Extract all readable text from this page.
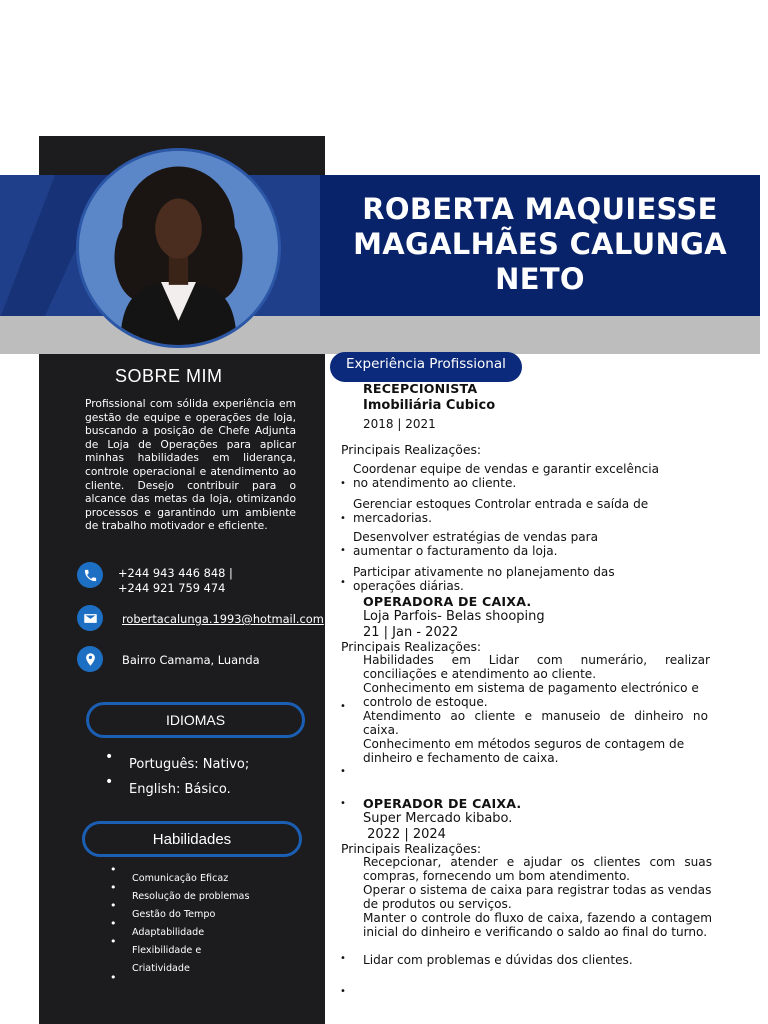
ROBERTA MAQUIESSE
MAGALHÃES CALUNGA
NETO
SOBRE MIM
Profissional com sólida experiência em gestão de equipe e operações de loja, buscando a posição de Chefe Adjunta de Loja de Operações para aplicar minhas habilidades em liderança, controle operacional e atendimento ao cliente. Desejo contribuir para o alcance das metas da loja, otimizando processos e garantindo um ambiente de trabalho motivador e eficiente.
+244 943 446 848 |
+244 921 759 474
robertacalunga.1993@hotmail.com
Bairro Camama, Luanda
IDIOMAS
• Português: Nativo;
• English: Básico.
Habilidades
•
Comunicação Eficaz
•
Resolução de problemas
•
Gestão do Tempo
•
Adaptabilidade
•
Flexibilidade e Criatividade
•
Experiência Profissional
RECEPCIONISTA
Imobiliária Cubico
2018 | 2021
Principais Realizações:
Coordenar equipe de vendas e garantir excelência no atendimento ao cliente.
•
Gerenciar estoques Controlar entrada e saída de mercadorias.
•
Desenvolver estratégias de vendas para aumentar o facturamento da loja.
•
Participar ativamente no planejamento das operações diárias.
•
OPERADORA DE CAIXA.
Loja Parfois- Belas shooping
21 | Jan - 2022
Principais Realizações:
Habilidades em Lidar com numerário, realizar conciliações e atendimento ao cliente.
Conhecimento em sistema de pagamento electrónico e controlo de estoque.
•
Atendimento ao cliente e manuseio de dinheiro no caixa.
Conhecimento em métodos seguros de contagem de dinheiro e fechamento de caixa.
•
• OPERADOR DE CAIXA.
Super Mercado kibabo.
2022 | 2024
Principais Realizações:
Recepcionar, atender e ajudar os clientes com suas compras, fornecendo um bom atendimento.
Operar o sistema de caixa para registrar todas as vendas de produtos ou serviços.
Manter o controle do fluxo de caixa, fazendo a contagem inicial do dinheiro e verificando o saldo ao final do turno.
• Lidar com problemas e dúvidas dos clientes.
•
